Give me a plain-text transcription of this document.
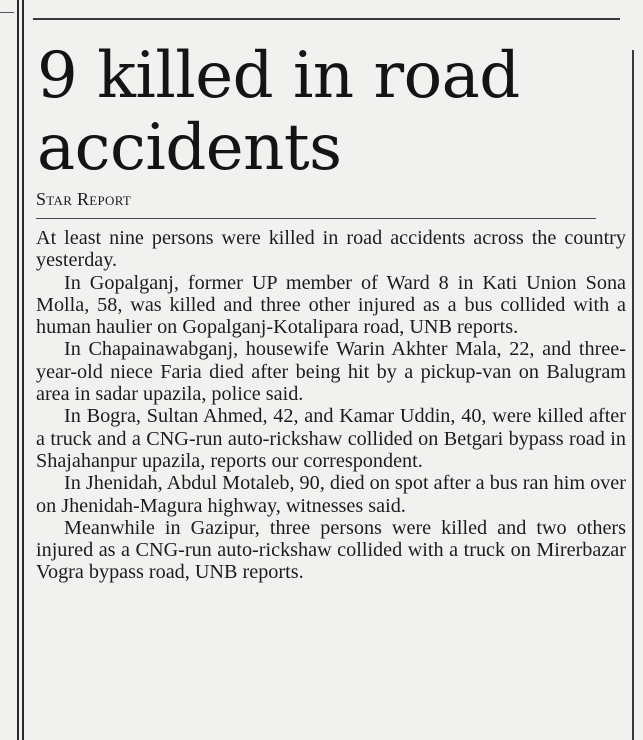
9 killed in road accidents
Star Report

At least nine persons were killed in road accidents across the country yesterday.

In Gopalganj, former UP member of Ward 8 in Kati Union Sona Molla, 58, was killed and three other injured as a bus collided with a human haulier on Gopalganj-Kotalipara road, UNB reports.

In Chapainawabganj, housewife Warin Akhter Mala, 22, and three-year-old niece Faria died after being hit by a pickup-van on Balugram area in sadar upazila, police said.

In Bogra, Sultan Ahmed, 42, and Kamar Uddin, 40, were killed after a truck and a CNG-run auto-rickshaw collided on Betgari bypass road in Shajahanpur upazila, reports our correspondent.

In Jhenidah, Abdul Motaleb, 90, died on spot after a bus ran him over on Jhenidah-Magura highway, witnesses said.

Meanwhile in Gazipur, three persons were killed and two others injured as a CNG-run auto-rickshaw collided with a truck on Mirerbazar Vogra bypass road, UNB reports.
